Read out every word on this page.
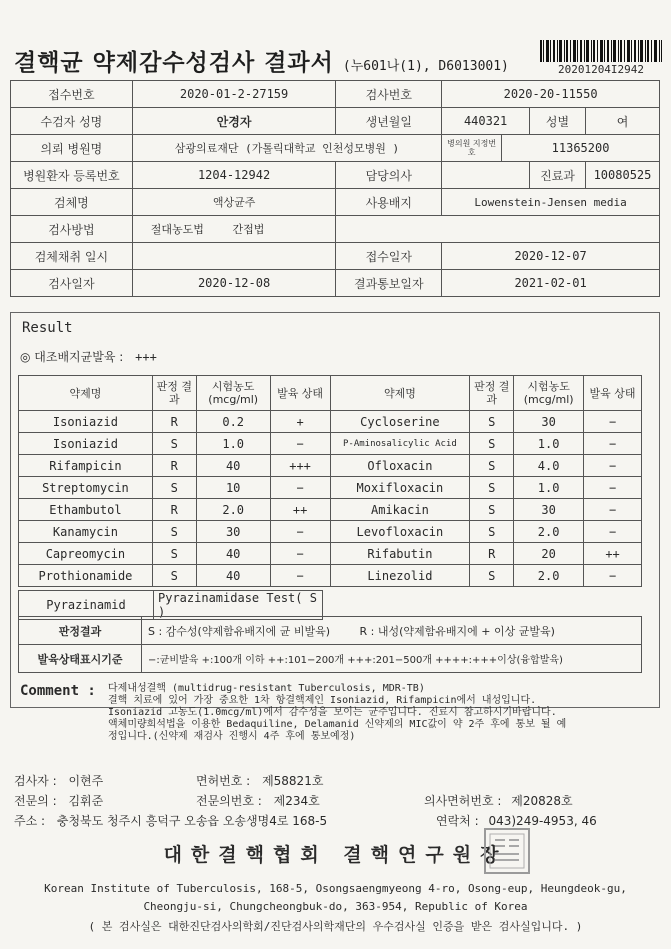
결핵균 약제감수성검사 결과서 (누601나(1), D6013001)	20201204I2942
접수번호	2020-01-2-27159	검사번호	2020-20-11550			
수검자 성명	안경자	생년월일	440321		성별	여
의뢰 병원명	삼광의료재단 (가톨릭대학교 인천성모병원 )		병의원 지정번호	11365200		
병원환자 등록번호	1204-12942	담당의사			진료과	10080525
검체명	액상균주	사용배지	Lowenstein-Jensen media			
검사방법	절대농도법 간접법					
검체채취 일시		접수일자	2020-12-07			
검사일자	2020-12-08	결과통보일자	2021-02-01			
Result
◎ 대조배지균발육 : +++
약제명	판정 결과	시험농도 (mcg/ml)	발육 상태	약제명	판정 결과	시험농도 (mcg/ml)	발육 상태
Isoniazid	R	0.2	+	Cycloserine	S	30	−
Isoniazid	S	1.0	−	P-Aminosalicylic Acid	S	1.0	−
Rifampicin	R	40	+++	Ofloxacin	S	4.0	−
Streptomycin	S	10	−	Moxifloxacin	S	1.0	−
Ethambutol	R	2.0	++	Amikacin	S	30	−
Kanamycin	S	30	−	Levofloxacin	S	2.0	−
Capreomycin	S	40	−	Rifabutin	R	20	++
Prothionamide	S	40	−	Linezolid	S	2.0	−
Pyrazinamid	Pyrazinamidase Test( S )
판정결과	S : 감수성(약제함유배지에 균 비발육) R : 내성(약제함유배지에 + 이상 균발육)
발육상태표시기준	−:균비발육 +:100개 이하 ++:101−200개 +++:201−500개 ++++:+++이상(융합발육)
Comment : 다제내성결핵 (multidrug-resistant Tuberculosis, MDR-TB)
결핵 치료에 있어 가장 중요한 1차 항결핵제인 Isoniazid, Rifampicin에서 내성입니다.
Isoniazid 고농도(1.0mcg/ml)에서 감수성을 보이는 균주입니다. 진료시 참고하시기바랍니다.
액체미량희석법을 이용한 Bedaquiline, Delamanid 신약제의 MIC값이 약 2주 후에 통보 될 예
정입니다.(신약제 재검사 진행시 4주 후에 통보예정)
검사자 : 이현주	면허번호 : 제58821호
전문의 : 김휘준	전문의번호 : 제234호	의사면허번호 : 제20828호
주소 : 충청북도 청주시 흥덕구 오송읍 오송생명4로 168-5	연락처 : 043)249-4953, 46
대한결핵협회 결핵연구원장
Korean Institute of Tuberculosis, 168-5, Osongsaengmyeong 4-ro, Osong-eup, Heungdeok-gu,
Cheongju-si, Chungcheongbuk-do, 363-954, Republic of Korea
( 본 검사실은 대한진단검사의학회/진단검사의학재단의 우수검사실 인증을 받은 검사실입니다. )
